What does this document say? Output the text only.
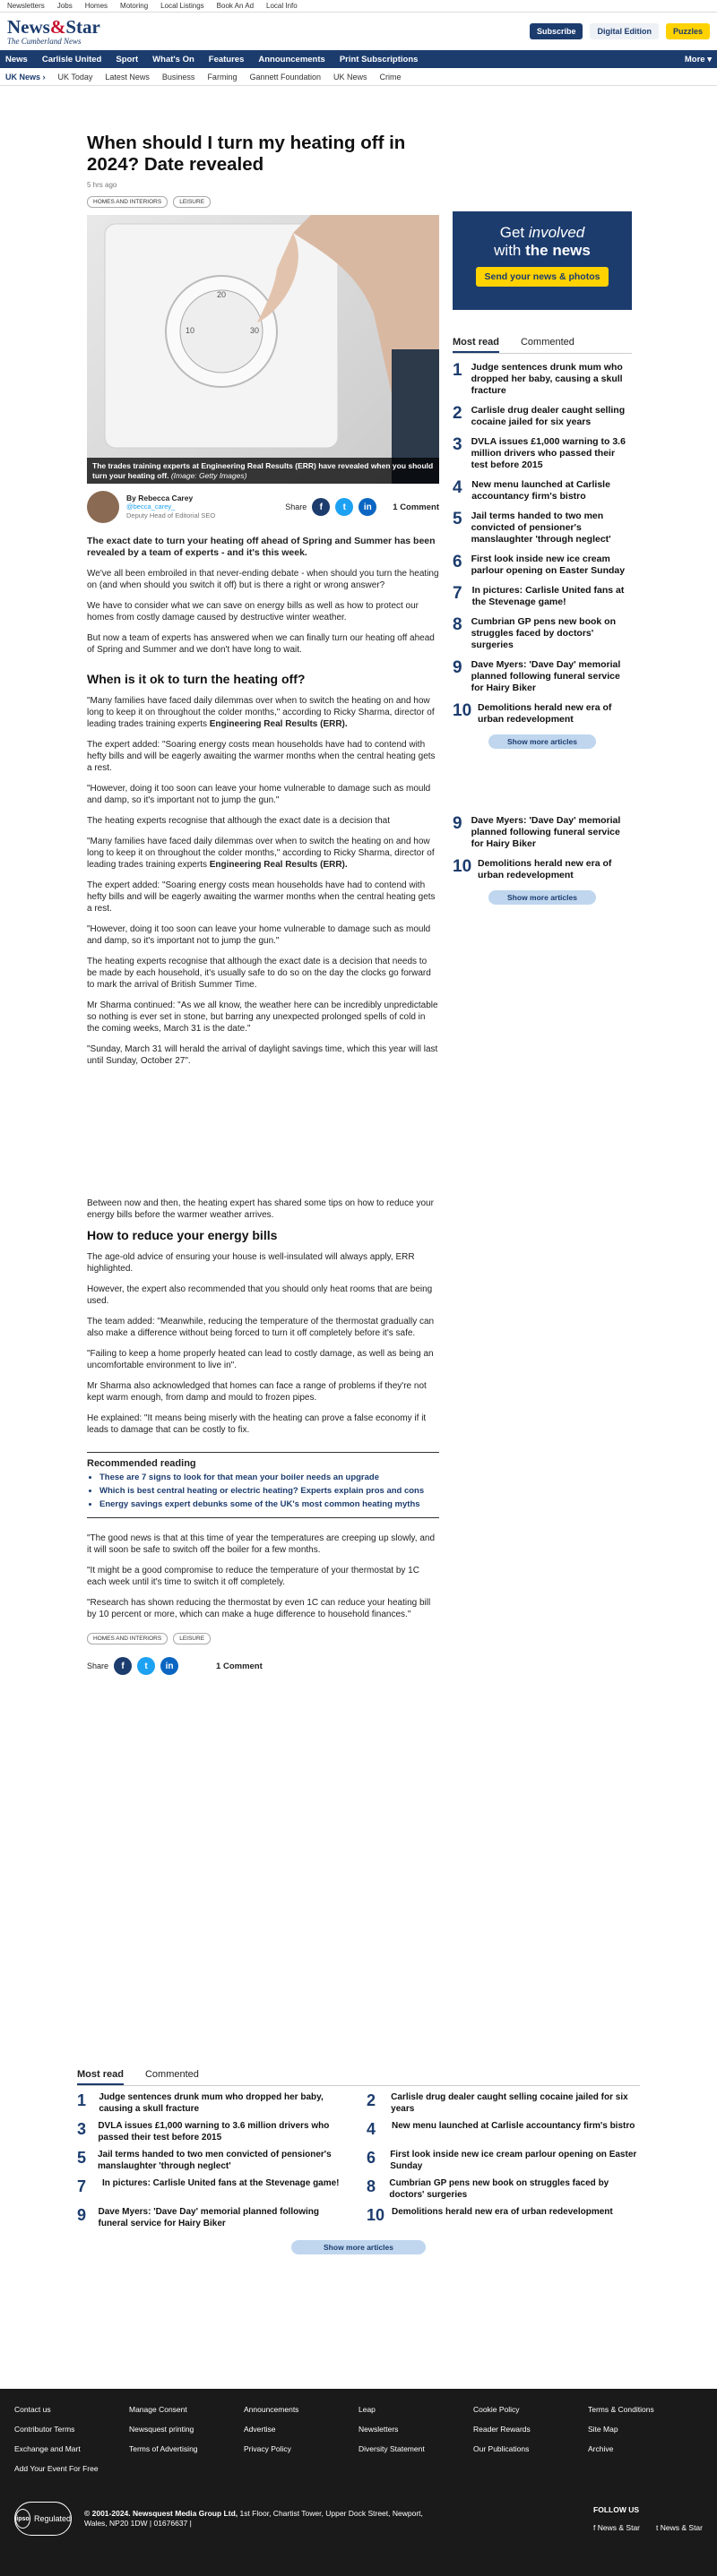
Newsletters Jobs Homes Motoring Local Listings Book An Ad Local Info
News&Star
The Cumberland News
Subscribe	Digital Edition	Puzzles
News Carlisle United Sport What's On Features Announcements Print Subscriptions	More ▾
UK News › UK Today Latest News Business Farming Gannett Foundation UK News Crime
When should I turn my heating off in 2024? Date revealed
5 hrs ago
HOMES AND INTERIORS	LEISURE
20
10	30
The trades training experts at Engineering Real Results (ERR) have revealed when you should turn your heating off. (Image: Getty Images)
By Rebecca Carey
@becca_carey_
Deputy Head of Editorial SEO
Share	f	t	in	1 Comment

The exact date to turn your heating off ahead of Spring and Summer has been revealed by a team of experts - and it's this week.

We've all been embroiled in that never-ending debate - when should you turn the heating on (and when should you switch it off) but is there a right or wrong answer?

We have to consider what we can save on energy bills as well as how to protect our homes from costly damage caused by destructive winter weather.

But now a team of experts has answered when we can finally turn our heating off ahead of Spring and Summer and we don't have long to wait.

When is it ok to turn the heating off?

"Many families have faced daily dilemmas over when to switch the heating on and how long to keep it on throughout the colder months," according to Ricky Sharma, director of leading trades training experts Engineering Real Results (ERR).

The expert added: "Soaring energy costs mean households have had to contend with hefty bills and will be eagerly awaiting the warmer months when the central heating gets a rest.

"However, doing it too soon can leave your home vulnerable to damage such as mould and damp, so it's important not to jump the gun."

The heating experts recognise that although the exact date is a decision that

"Many families have faced daily dilemmas over when to switch the heating on and how long to keep it on throughout the colder months," according to Ricky Sharma, director of leading trades training experts Engineering Real Results (ERR).

The expert added: "Soaring energy costs mean households have had to contend with hefty bills and will be eagerly awaiting the warmer months when the central heating gets a rest.

"However, doing it too soon can leave your home vulnerable to damage such as mould and damp, so it's important not to jump the gun."

The heating experts recognise that although the exact date is a decision that needs to be made by each household, it's usually safe to do so on the day the clocks go forward to mark the arrival of British Summer Time.

Mr Sharma continued: "As we all know, the weather here can be incredibly unpredictable so nothing is ever set in stone, but barring any unexpected prolonged spells of cold in the coming weeks, March 31 is the date."

"Sunday, March 31 will herald the arrival of daylight savings time, which this year will last until Sunday, October 27".

Between now and then, the heating expert has shared some tips on how to reduce your energy bills before the warmer weather arrives.

How to reduce your energy bills

The age-old advice of ensuring your house is well-insulated will always apply, ERR highlighted.

However, the expert also recommended that you should only heat rooms that are being used.

The team added: "Meanwhile, reducing the temperature of the thermostat gradually can also make a difference without being forced to turn it off completely before it's safe.

"Failing to keep a home properly heated can lead to costly damage, as well as being an uncomfortable environment to live in".

Mr Sharma also acknowledged that homes can face a range of problems if they're not kept warm enough, from damp and mould to frozen pipes.

He explained: "It means being miserly with the heating can prove a false economy if it leads to damage that can be costly to fix.

Recommended reading
• These are 7 signs to look for that mean your boiler needs an upgrade
• Which is best central heating or electric heating? Experts explain pros and cons
• Energy savings expert debunks some of the UK's most common heating myths

"The good news is that at this time of year the temperatures are creeping up slowly, and it will soon be safe to switch off the boiler for a few months.

"It might be a good compromise to reduce the temperature of your thermostat by 1C each week until it's time to switch it off completely.

"Research has shown reducing the thermostat by even 1C can reduce your heating bill by 10 percent or more, which can make a huge difference to household finances."

HOMES AND INTERIORS	LEISURE
Share	f	t	in	1 Comment
Get involved
with the news
Send your news & photos
Most read Commented
1 Judge sentences drunk mum who dropped her baby, causing a skull fracture
2 Carlisle drug dealer caught selling cocaine jailed for six years
3 DVLA issues £1,000 warning to 3.6 million drivers who passed their test before 2015
4 New menu launched at Carlisle accountancy firm's bistro
5 Jail terms handed to two men convicted of pensioner's manslaughter 'through neglect'
6 First look inside new ice cream parlour opening on Easter Sunday
7 In pictures: Carlisle United fans at the Stevenage game!
8 Cumbrian GP pens new book on struggles faced by doctors' surgeries
9 Dave Myers: 'Dave Day' memorial planned following funeral service for Hairy Biker
10 Demolitions herald new era of urban redevelopment
Show more articles
9 Dave Myers: 'Dave Day' memorial planned following funeral service for Hairy Biker
10 Demolitions herald new era of urban redevelopment
Show more articles
Most read Commented
1 Judge sentences drunk mum who dropped her baby, causing a skull fracture	2	Carlisle drug dealer caught selling cocaine jailed for six years
3 DVLA issues £1,000 warning to 3.6 million drivers who passed their test before 2015	4	New menu launched at Carlisle accountancy firm's bistro
5 Jail terms handed to two men convicted of pensioner's manslaughter 'through neglect'	6	First look inside new ice cream parlour opening on Easter Sunday
7	In pictures: Carlisle United fans at the Stevenage game! 8	Cumbrian GP pens new book on struggles faced by doctors' surgeries
9 Dave Myers: 'Dave Day' memorial planned following funeral service for Hairy Biker	10 Demolitions herald new era of urban redevelopment
Show more articles
Contact us	Manage Consent	Announcements	Leap	Cookie Policy	Terms & Conditions
Contributor Terms	Newsquest printing	Advertise	Newsletters	Reader Rewards	Site Map
Exchange and Mart	Terms of Advertising	Privacy Policy	Diversity Statement	Our Publications	Archive
Add Your Event For Free
ipso Regulated
© 2001-2024. Newsquest Media Group Ltd, 1st Floor, Chartist Tower, Upper Dock Street, Newport, Wales, NP20 1DW | 01676637 |
FOLLOW US
f News & Star t News & Star
